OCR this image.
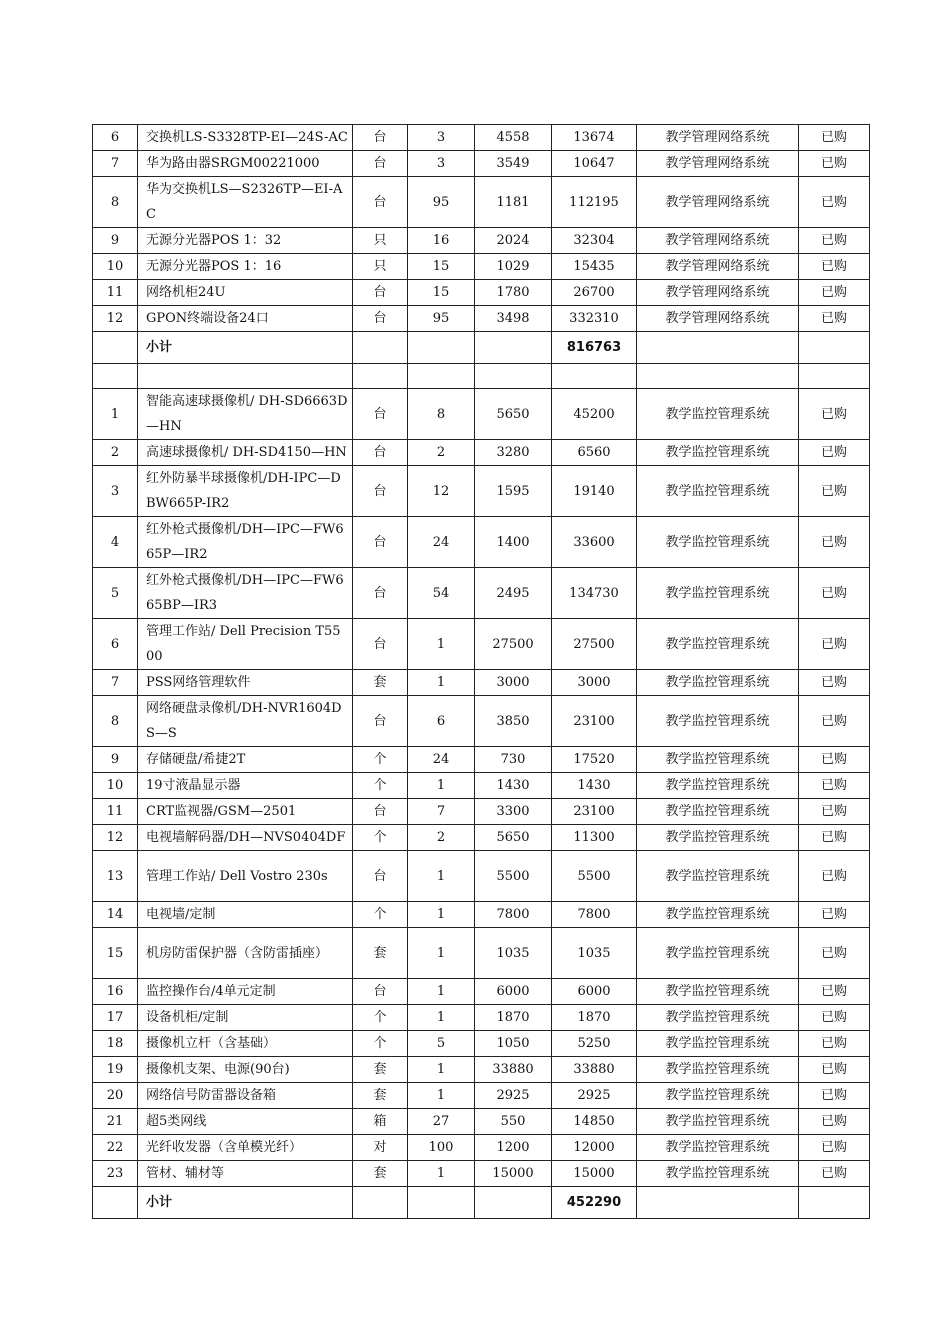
6	交换机LS-S3328TP-EI—24S-AC	台	3	4558	13674	教学管理网络系统	已购
7	华为路由器SRGM00221000	台	3	3549	10647	教学管理网络系统	已购
8	华为交换机LS—S2326TP—EI-AC	台	95	1181	112195	教学管理网络系统	已购
9	无源分光器POS 1：32	只	16	2024	32304	教学管理网络系统	已购
10	无源分光器POS 1：16	只	15	1029	15435	教学管理网络系统	已购
11	网络机柜24U	台	15	1780	26700	教学管理网络系统	已购
12	GPON终端设备24口	台	95	3498	332310	教学管理网络系统	已购
	小计				816763		

1	智能高速球摄像机/ DH-SD6663D—HN	台	8	5650	45200	教学监控管理系统	已购
2	高速球摄像机/ DH-SD4150—HN	台	2	3280	6560	教学监控管理系统	已购
3	红外防暴半球摄像机/DH-IPC—DBW665P-IR2	台	12	1595	19140	教学监控管理系统	已购
4	红外枪式摄像机/DH—IPC—FW665P—IR2	台	24	1400	33600	教学监控管理系统	已购
5	红外枪式摄像机/DH—IPC—FW665BP—IR3	台	54	2495	134730	教学监控管理系统	已购
6	管理工作站/ Dell Precision T5500	台	1	27500	27500	教学监控管理系统	已购
7	PSS网络管理软件	套	1	3000	3000	教学监控管理系统	已购
8	网络硬盘录像机/DH-NVR1604DS—S	台	6	3850	23100	教学监控管理系统	已购
9	存储硬盘/希捷2T	个	24	730	17520	教学监控管理系统	已购
10	19寸液晶显示器	个	1	1430	1430	教学监控管理系统	已购
11	CRT监视器/GSM—2501	台	7	3300	23100	教学监控管理系统	已购
12	电视墙解码器/DH—NVS0404DF	个	2	5650	11300	教学监控管理系统	已购
13	管理工作站/ Dell Vostro 230s	台	1	5500	5500	教学监控管理系统	已购
14	电视墙/定制	个	1	7800	7800	教学监控管理系统	已购
15	机房防雷保护器（含防雷插座）	套	1	1035	1035	教学监控管理系统	已购
16	监控操作台/4单元定制	台	1	6000	6000	教学监控管理系统	已购
17	设备机柜/定制	个	1	1870	1870	教学监控管理系统	已购
18	摄像机立杆（含基础）	个	5	1050	5250	教学监控管理系统	已购
19	摄像机支架、电源(90台)	套	1	33880	33880	教学监控管理系统	已购
20	网络信号防雷器设备箱	套	1	2925	2925	教学监控管理系统	已购
21	超5类网线	箱	27	550	14850	教学监控管理系统	已购
22	光纤收发器（含单模光纤）	对	100	1200	12000	教学监控管理系统	已购
23	管材、辅材等	套	1	15000	15000	教学监控管理系统	已购
	小计				452290		
